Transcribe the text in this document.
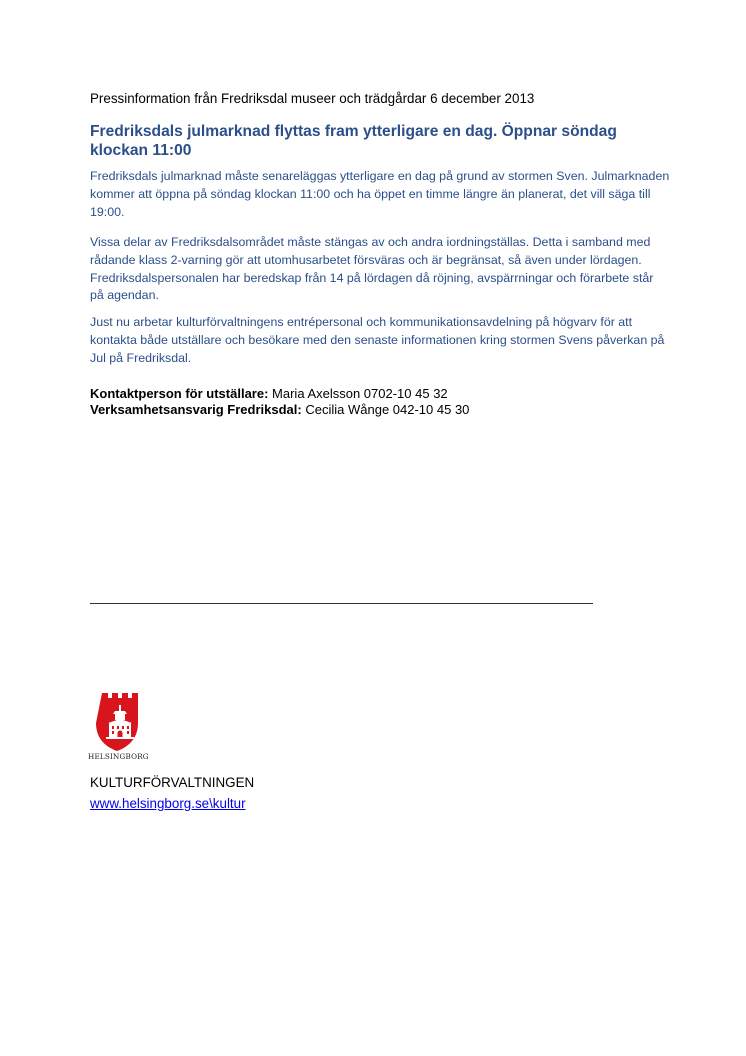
Pressinformation från Fredriksdal museer och trädgårdar 6 december 2013
Fredriksdals julmarknad flyttas fram ytterligare en dag. Öppnar söndag klockan 11:00

Fredriksdals julmarknad måste senareläggas ytterligare en dag på grund av stormen Sven. Julmarknaden kommer att öppna på söndag klockan 11:00 och ha öppet en timme längre än planerat, det vill säga till 19:00.

Vissa delar av Fredriksdalsområdet måste stängas av och andra iordningställas. Detta i samband med rådande klass 2-varning gör att utomhusarbetet försväras och är begränsat, så även under lördagen. Fredriksdalspersonalen har beredskap från 14 på lördagen då röjning, avspärrningar och förarbete står på agendan.

Just nu arbetar kulturförvaltningens entrépersonal och kommunikationsavdelning på högvarv för att kontakta både utställare och besökare med den senaste informationen kring stormen Svens påverkan på Jul på Fredriksdal.

Kontaktperson för utställare: Maria Axelsson 0702-10 45 32
Verksamhetsansvarig Fredriksdal: Cecilia Wånge 042-10 45 30
HELSINGBORG
KULTURFÖRVALTNINGEN
www.helsingborg.se\kultur
